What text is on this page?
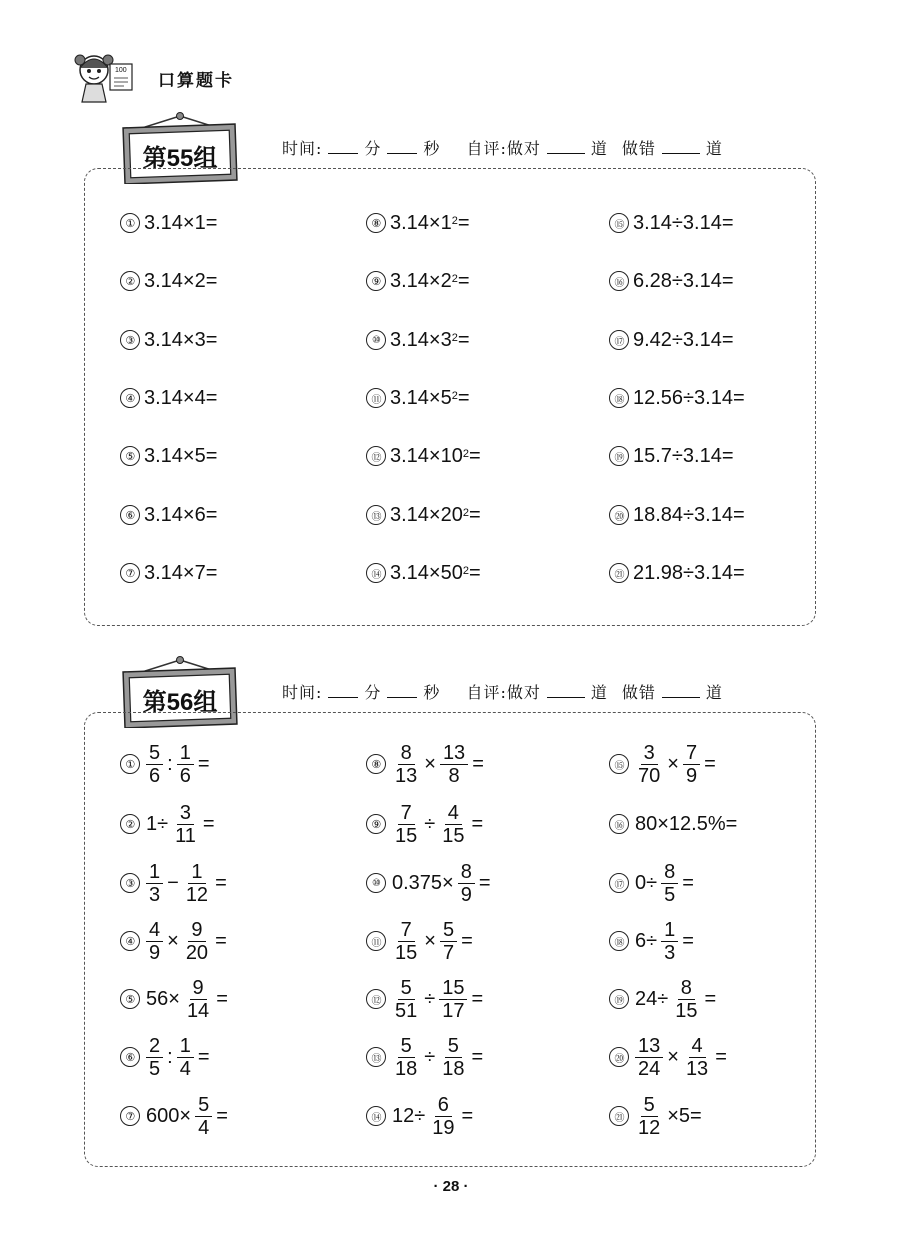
100
口算题卡
第55组	时间:	分	秒 自评:做对	道 做错	道
① 3.14×1=
② 3.14×2=
③ 3.14×3=
④ 3.14×4=
⑤ 3.14×5=
⑥ 3.14×6=
⑦ 3.14×7=
⑧ $3.14\times 1^2$ =
⑨ $3.14\times 2^2$ =
⑩ $3.14\times 3^2$ =
⑪ $3.14\times 5^2$ =
⑫ $3.14\times 10^2$ =
⑬ $3.14\times 20^2$ =
⑭ $3.14\times 50^2$ =
⑮ 3.14÷3.14=
⑯ 6.28÷3.14=
⑰ 9.42÷3.14=
⑱ 12.56÷3.14=
⑲ 15.7÷3.14=
⑳ 18.84÷3.14=
㉑ 21.98÷3.14=
第56组	时间:	分	秒 自评:做对	道 做错	道
① $\frac{5}{6}$ : $\frac{1}{6}$ =
② $1\div \frac{3}{11}$ =
③ $\frac{1}{3} - \frac{1}{12}$ =
④ $\frac{4}{9} \times \frac{9}{20}$ =
⑤ $56\times \frac{9}{14}$ =
⑥ $\frac{2}{5}$ : $\frac{1}{4}$ =
⑦ $600\times \frac{5}{4}$ =
⑧ $\frac{8}{13} \times \frac{13}{8}$ =
⑨ $\frac{7}{15} \div \frac{4}{15}$ =
⑩ $0.375\times \frac{8}{9}$ =
⑪ $\frac{7}{15} \times \frac{5}{7}$ =
⑫ $\frac{5}{51} \div \frac{15}{17}$ =
⑬ $\frac{5}{18} \div \frac{5}{18}$ =
⑭ $12\div \frac{6}{19}$ =
⑮ $\frac{3}{70} \times \frac{7}{9}$ =
⑯ 80×12.5%=
⑰ $0\div \frac{8}{5}$ =
⑱ $6\div \frac{1}{3}$ =
⑲ $24\div \frac{8}{15}$ =
⑳ $\frac{13}{24} \times \frac{4}{13}$ =
㉑ $\frac{5}{12} \times 5=$
· 28 ·
